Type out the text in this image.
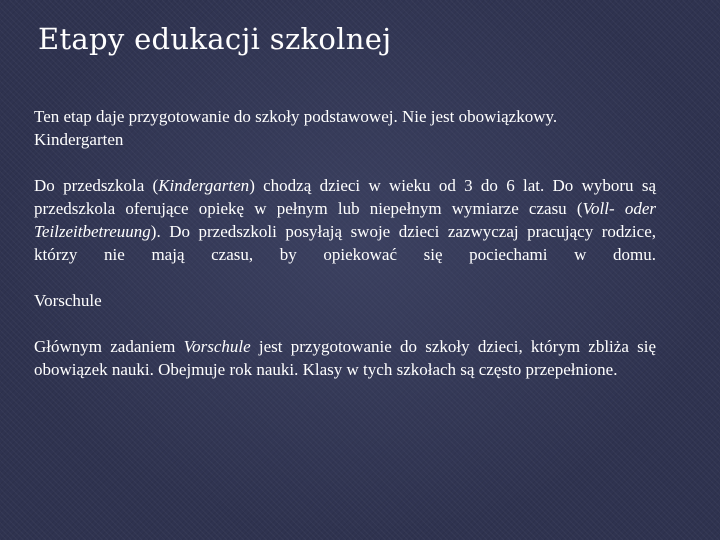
Etapy edukacji szkolnej

Ten etap daje przygotowanie do szkoły podstawowej. Nie jest obowiązkowy.

Kindergarten

Do przedszkola (Kindergarten) chodzą dzieci w wieku od 3 do 6 lat. Do wyboru są przedszkola oferujące opiekę w pełnym lub niepełnym wymiarze czasu (Voll- oder Teilzeitbetreuung). Do przedszkoli posyłają swoje dzieci zazwyczaj pracujący rodzice, którzy nie mają czasu, by opiekować się pociechami w domu.

Vorschule

Głównym zadaniem Vorschule jest przygotowanie do szkoły dzieci, którym zbliża się obowiązek nauki. Obejmuje rok nauki. Klasy w tych szkołach są często przepełnione.
